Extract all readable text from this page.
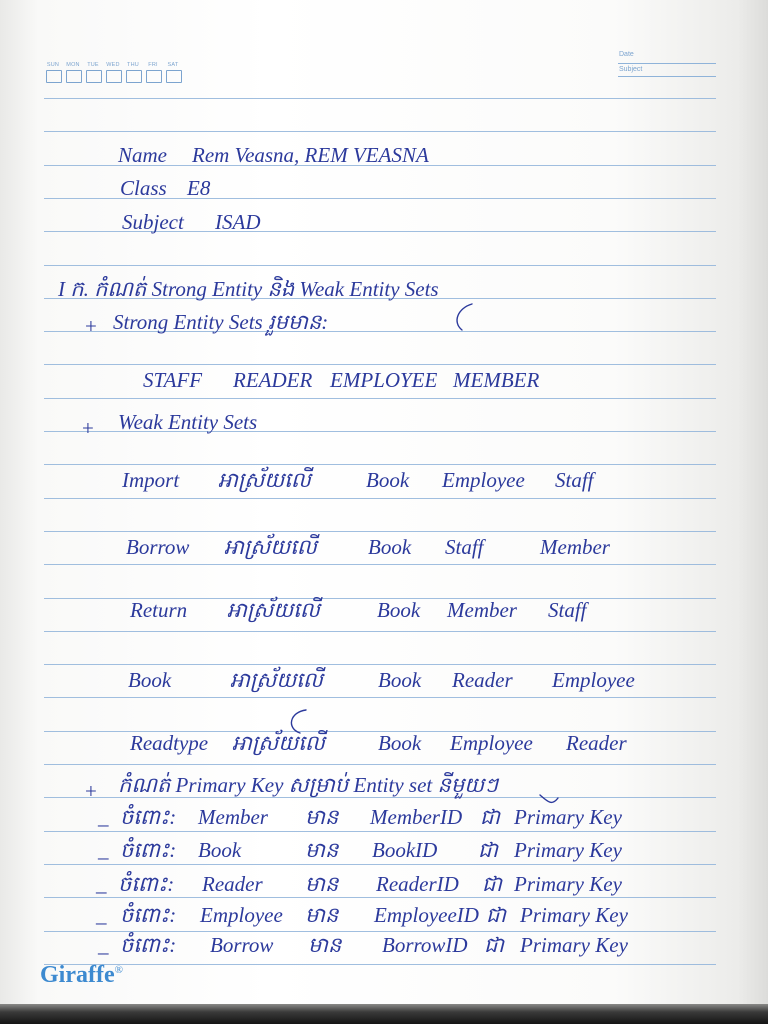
SUN	MON	TUE	WED	THU	FRI	SAT
Date
Subject
Name Rem Veasna, REM VEASNA
Class E8
Subject ISAD
I ក. កំណត់ Strong Entity និង Weak Entity Sets
+ Strong Entity Sets រួមមាន:
STAFF READER EMPLOYEE MEMBER
+ Weak Entity Sets
Import អាស្រ័យលើ	Book Employee Staff
Borrow អាស្រ័យលើ Book Staff	Member
Return អាស្រ័យលើ	Book Member Staff
Book	អាស្រ័យលើ	Book Reader Employee
Readtype អាស្រ័យលើ	Book Employee Reader
+ កំណត់ Primary Key សម្រាប់ Entity set នីមួយៗ
_ ចំពោះ: Member មាន MemberID ជា Primary Key
_ ចំពោះ: Book	មាន BookID ជា Primary Key
_ ចំពោះ: Reader មាន ReaderID ជា Primary Key
_ ចំពោះ: Employee មាន EmployeeID ជា Primary Key
_ ចំពោះ: Borrow មាន BorrowID ជា Primary Key
Giraffe®
